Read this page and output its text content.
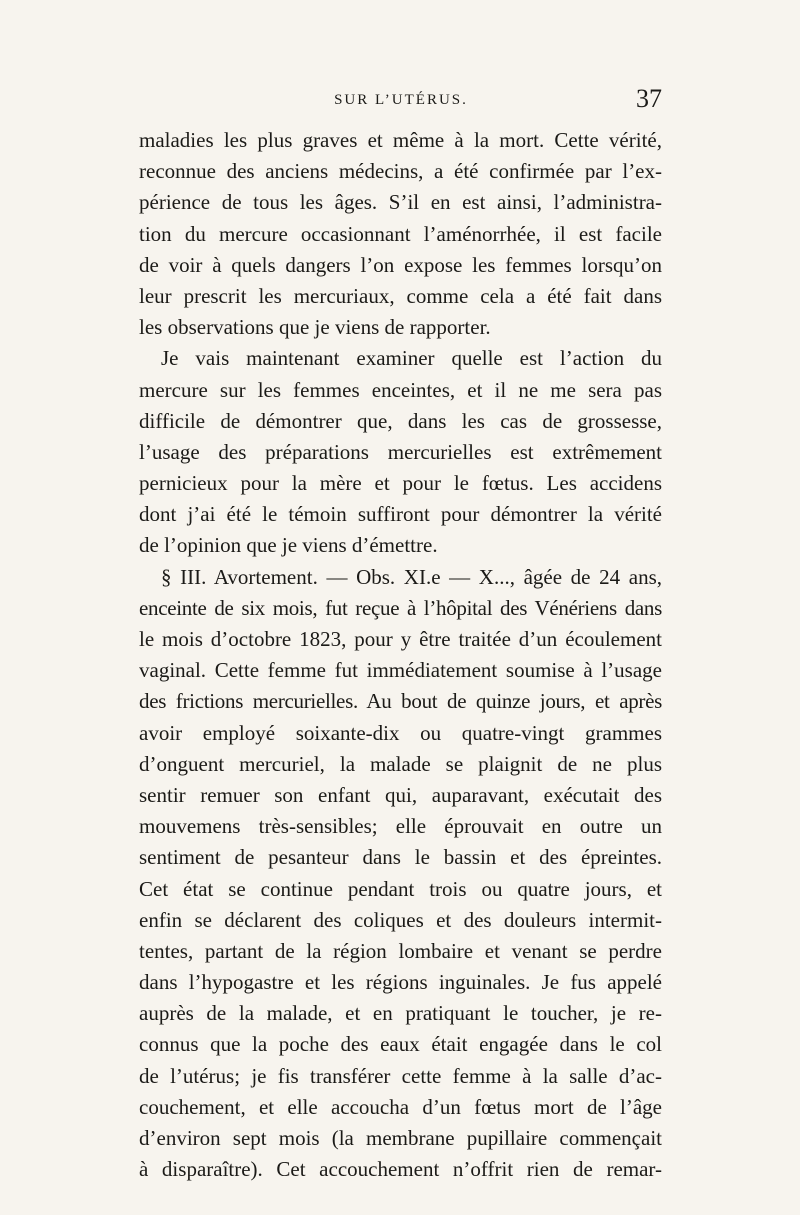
SUR L’UTÉRUS.	37
maladies les plus graves et même à la mort. Cette vérité,
reconnue des anciens médecins, a été confirmée par l’ex-
périence de tous les âges. S’il en est ainsi, l’administra-
tion du mercure occasionnant l’aménorrhée, il est facile
de voir à quels dangers l’on expose les femmes lorsqu’on
leur prescrit les mercuriaux, comme cela a été fait dans
les observations que je viens de rapporter.
Je vais maintenant examiner quelle est l’action du
mercure sur les femmes enceintes, et il ne me sera pas
difficile de démontrer que, dans les cas de grossesse,
l’usage des préparations mercurielles est extrêmement
pernicieux pour la mère et pour le fœtus. Les accidens
dont j’ai été le témoin suffiront pour démontrer la vérité
de l’opinion que je viens d’émettre.
§ III. Avortement. — Obs. XI.e — X..., âgée de 24 ans,
enceinte de six mois, fut reçue à l’hôpital des Vénériens dans
le mois d’octobre 1823, pour y être traitée d’un écoulement
vaginal. Cette femme fut immédiatement soumise à l’usage
des frictions mercurielles. Au bout de quinze jours, et après
avoir employé soixante-dix ou quatre-vingt grammes
d’onguent mercuriel, la malade se plaignit de ne plus
sentir remuer son enfant qui, auparavant, exécutait des
mouvemens très-sensibles; elle éprouvait en outre un
sentiment de pesanteur dans le bassin et des épreintes.
Cet état se continue pendant trois ou quatre jours, et
enfin se déclarent des coliques et des douleurs intermit-
tentes, partant de la région lombaire et venant se perdre
dans l’hypogastre et les régions inguinales. Je fus appelé
auprès de la malade, et en pratiquant le toucher, je re-
connus que la poche des eaux était engagée dans le col
de l’utérus; je fis transférer cette femme à la salle d’ac-
couchement, et elle accoucha d’un fœtus mort de l’âge
d’environ sept mois (la membrane pupillaire commençait
à disparaître). Cet accouchement n’offrit rien de remar-
